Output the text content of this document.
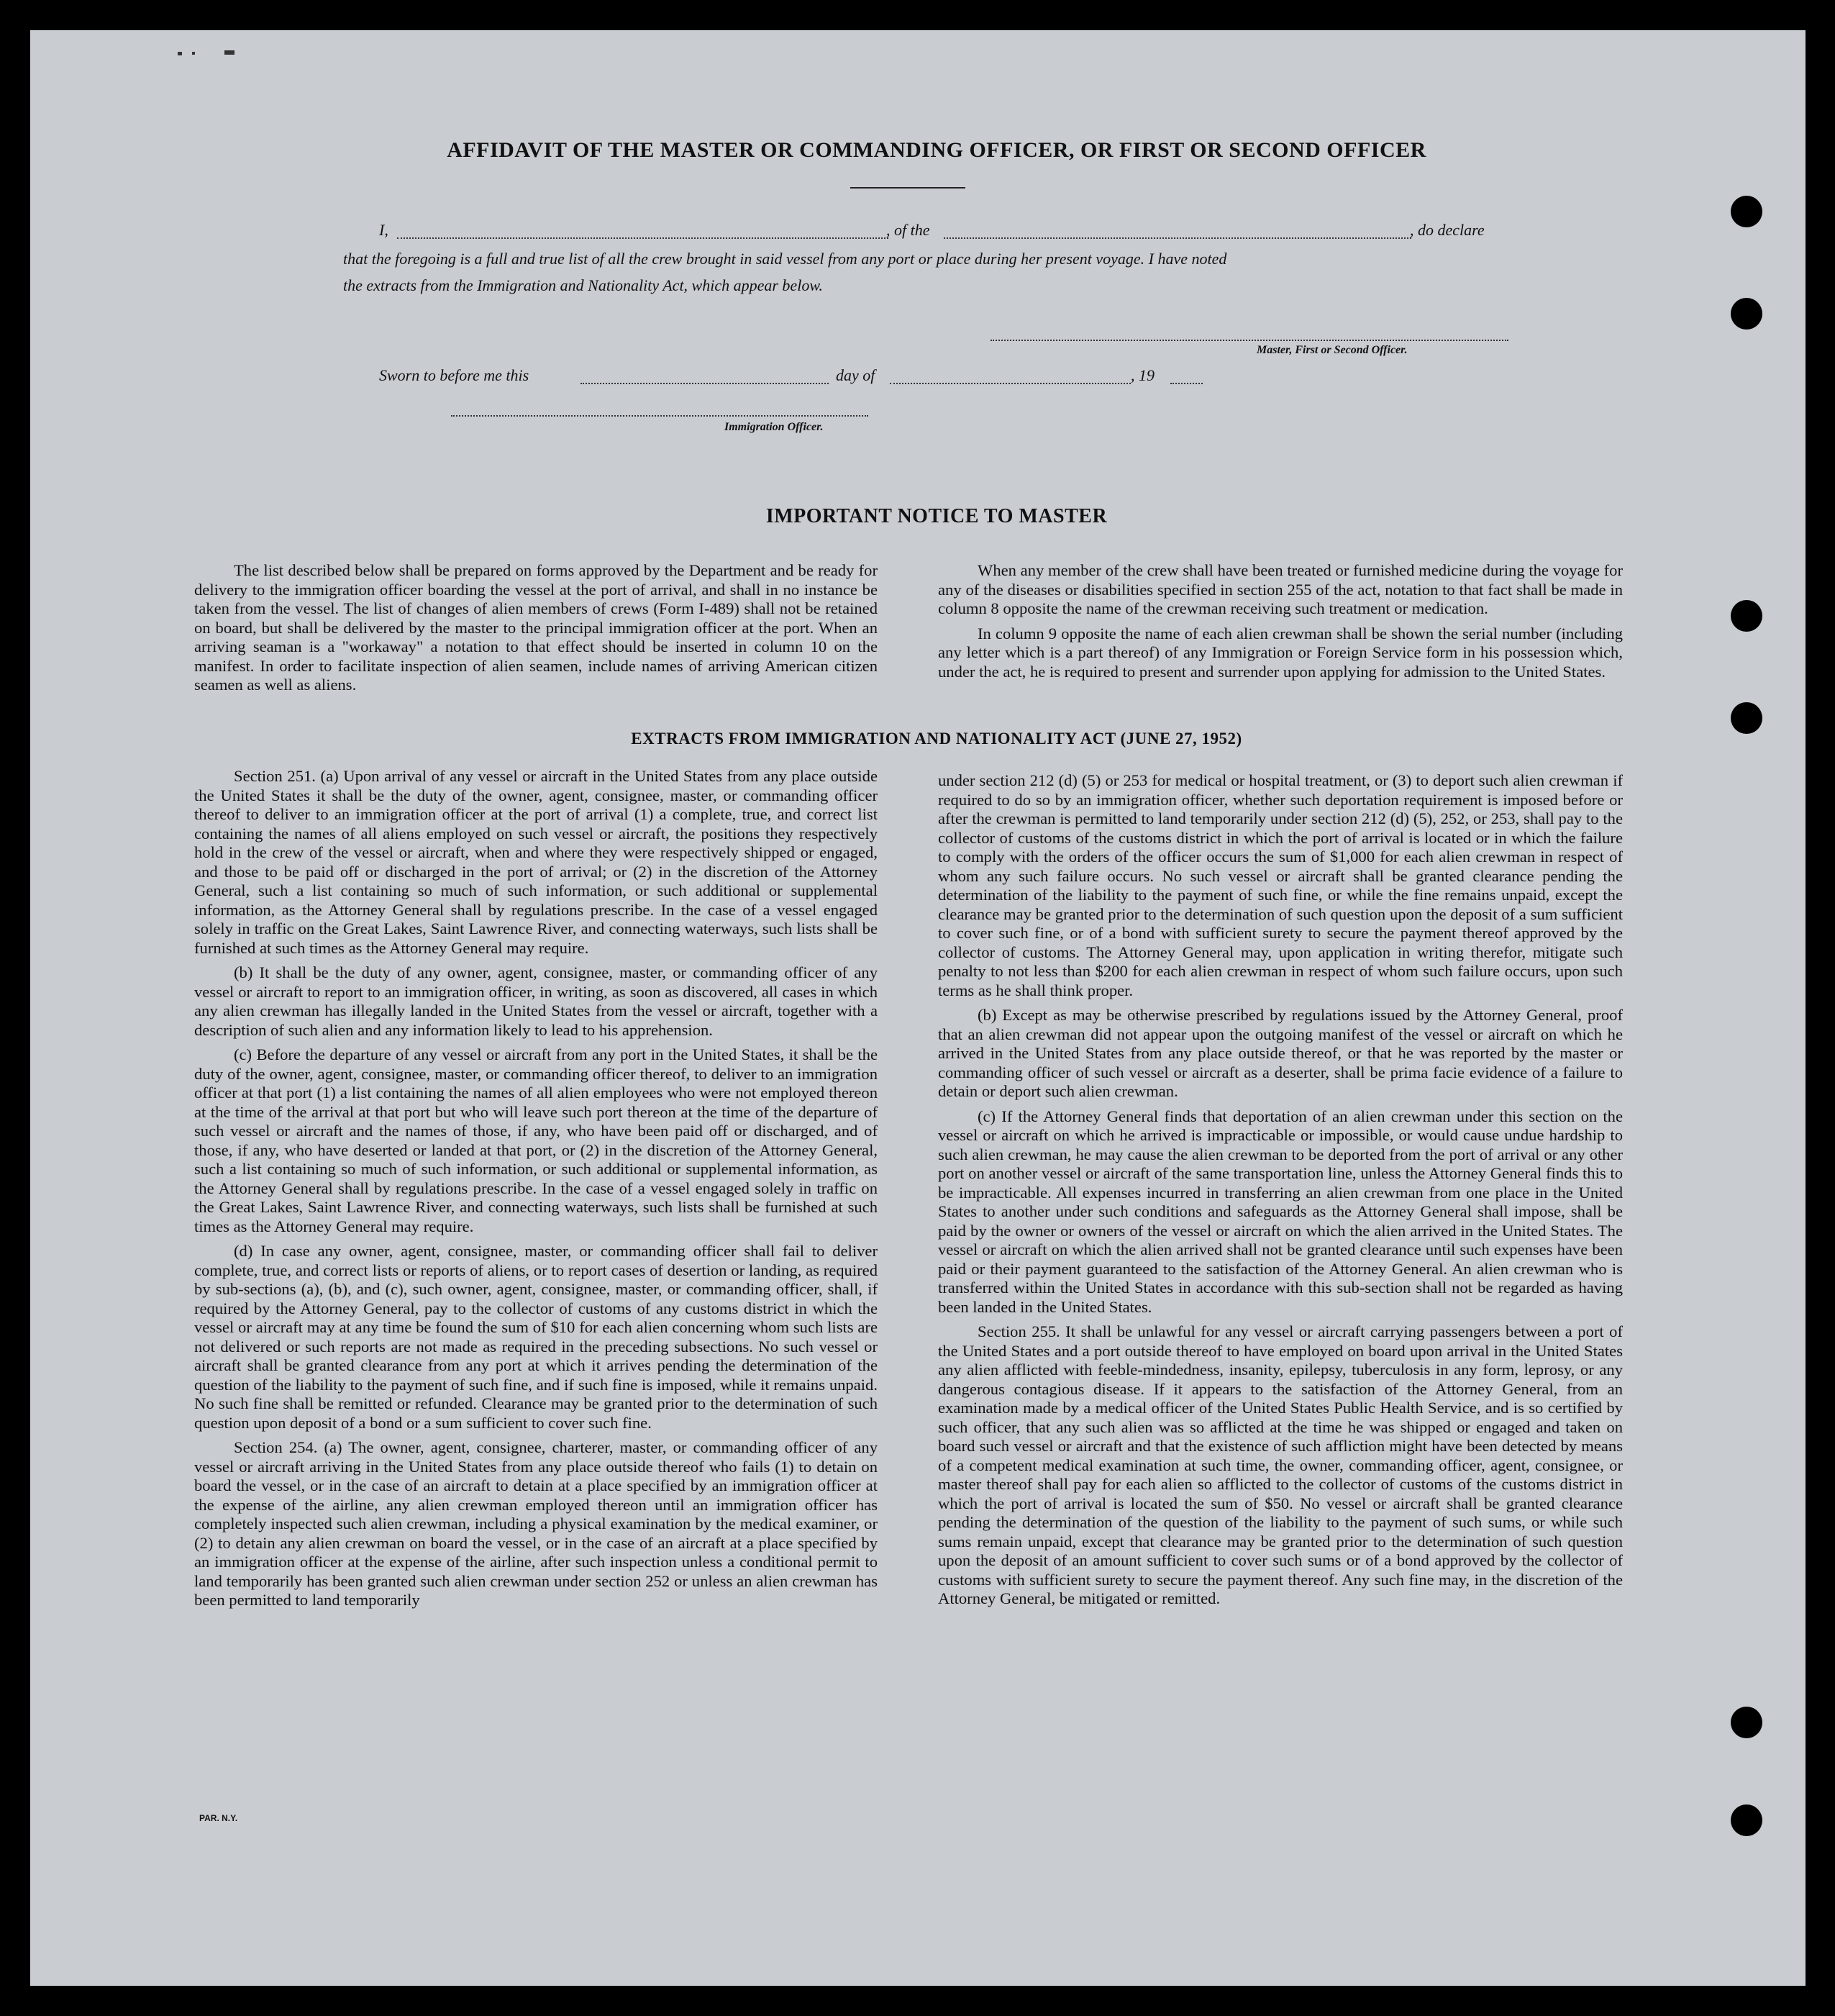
AFFIDAVIT OF THE MASTER OR COMMANDING OFFICER, OR FIRST OR SECOND OFFICER
I,	, of the	, do declare
that the foregoing is a full and true list of all the crew brought in said vessel from any port or place during her present voyage. I have noted
the extracts from the Immigration and Nationality Act, which appear below.
Master, First or Second Officer.
Sworn to before me this	day of	, 19
Immigration Officer.
IMPORTANT NOTICE TO MASTER

The list described below shall be prepared on forms approved by the Department and be ready for delivery to the immigration officer boarding the vessel at the port of arrival, and shall in no instance be taken from the vessel. The list of changes of alien members of crews (Form I-489) shall not be retained on board, but shall be delivered by the master to the principal immigration officer at the port. When an arriving seaman is a "workaway" a notation to that effect should be inserted in column 10 on the manifest. In order to facilitate inspection of alien seamen, include names of arriving American citizen seamen as well as aliens.

When any member of the crew shall have been treated or furnished medicine during the voyage for any of the diseases or disabilities specified in section 255 of the act, notation to that fact shall be made in column 8 opposite the name of the crewman receiving such treatment or medication.

In column 9 opposite the name of each alien crewman shall be shown the serial number (including any letter which is a part thereof) of any Immigration or Foreign Service form in his possession which, under the act, he is required to present and surrender upon applying for admission to the United States.

EXTRACTS FROM IMMIGRATION AND NATIONALITY ACT (JUNE 27, 1952)

Section 251. (a) Upon arrival of any vessel or aircraft in the United States from any place outside the United States it shall be the duty of the owner, agent, consignee, master, or commanding officer thereof to deliver to an immigration officer at the port of arrival (1) a complete, true, and correct list containing the names of all aliens employed on such vessel or aircraft, the positions they respectively hold in the crew of the vessel or aircraft, when and where they were respectively shipped or engaged, and those to be paid off or discharged in the port of arrival; or (2) in the discretion of the Attorney General, such a list containing so much of such information, or such additional or supplemental information, as the Attorney General shall by regulations prescribe. In the case of a vessel engaged solely in traffic on the Great Lakes, Saint Lawrence River, and connecting waterways, such lists shall be furnished at such times as the Attorney General may require.

(b) It shall be the duty of any owner, agent, consignee, master, or commanding officer of any vessel or aircraft to report to an immigration officer, in writing, as soon as discovered, all cases in which any alien crewman has illegally landed in the United States from the vessel or aircraft, together with a description of such alien and any information likely to lead to his apprehension.

(c) Before the departure of any vessel or aircraft from any port in the United States, it shall be the duty of the owner, agent, consignee, master, or commanding officer thereof, to deliver to an immigration officer at that port (1) a list containing the names of all alien employees who were not employed thereon at the time of the arrival at that port but who will leave such port thereon at the time of the departure of such vessel or aircraft and the names of those, if any, who have been paid off or discharged, and of those, if any, who have deserted or landed at that port, or (2) in the discretion of the Attorney General, such a list containing so much of such information, or such additional or supplemental information, as the Attorney General shall by regulations prescribe. In the case of a vessel engaged solely in traffic on the Great Lakes, Saint Lawrence River, and connecting waterways, such lists shall be furnished at such times as the Attorney General may require.

(d) In case any owner, agent, consignee, master, or commanding officer shall fail to deliver complete, true, and correct lists or reports of aliens, or to report cases of desertion or landing, as required by sub-sections (a), (b), and (c), such owner, agent, consignee, master, or commanding officer, shall, if required by the Attorney General, pay to the collector of customs of any customs district in which the vessel or aircraft may at any time be found the sum of $10 for each alien concerning whom such lists are not delivered or such reports are not made as required in the preceding subsections. No such vessel or aircraft shall be granted clearance from any port at which it arrives pending the determination of the question of the liability to the payment of such fine, and if such fine is imposed, while it remains unpaid. No such fine shall be remitted or refunded. Clearance may be granted prior to the determination of such question upon deposit of a bond or a sum sufficient to cover such fine.

Section 254. (a) The owner, agent, consignee, charterer, master, or commanding officer of any vessel or aircraft arriving in the United States from any place outside thereof who fails (1) to detain on board the vessel, or in the case of an aircraft to detain at a place specified by an immigration officer at the expense of the airline, any alien crewman employed thereon until an immigration officer has completely inspected such alien crewman, including a physical examination by the medical examiner, or (2) to detain any alien crewman on board the vessel, or in the case of an aircraft at a place specified by an immigration officer at the expense of the airline, after such inspection unless a conditional permit to land temporarily has been granted such alien crewman under section 252 or unless an alien crewman has been permitted to land temporarily

under section 212 (d) (5) or 253 for medical or hospital treatment, or (3) to deport such alien crewman if required to do so by an immigration officer, whether such deportation requirement is imposed before or after the crewman is permitted to land temporarily under section 212 (d) (5), 252, or 253, shall pay to the collector of customs of the customs district in which the port of arrival is located or in which the failure to comply with the orders of the officer occurs the sum of $1,000 for each alien crewman in respect of whom any such failure occurs. No such vessel or aircraft shall be granted clearance pending the determination of the liability to the payment of such fine, or while the fine remains unpaid, except the clearance may be granted prior to the determination of such question upon the deposit of a sum sufficient to cover such fine, or of a bond with sufficient surety to secure the payment thereof approved by the collector of customs. The Attorney General may, upon application in writing therefor, mitigate such penalty to not less than $200 for each alien crewman in respect of whom such failure occurs, upon such terms as he shall think proper.

(b) Except as may be otherwise prescribed by regulations issued by the Attorney General, proof that an alien crewman did not appear upon the outgoing manifest of the vessel or aircraft on which he arrived in the United States from any place outside thereof, or that he was reported by the master or commanding officer of such vessel or aircraft as a deserter, shall be prima facie evidence of a failure to detain or deport such alien crewman.

(c) If the Attorney General finds that deportation of an alien crewman under this section on the vessel or aircraft on which he arrived is impracticable or impossible, or would cause undue hardship to such alien crewman, he may cause the alien crewman to be deported from the port of arrival or any other port on another vessel or aircraft of the same transportation line, unless the Attorney General finds this to be impracticable. All expenses incurred in transferring an alien crewman from one place in the United States to another under such conditions and safeguards as the Attorney General shall impose, shall be paid by the owner or owners of the vessel or aircraft on which the alien arrived in the United States. The vessel or aircraft on which the alien arrived shall not be granted clearance until such expenses have been paid or their payment guaranteed to the satisfaction of the Attorney General. An alien crewman who is transferred within the United States in accordance with this sub-section shall not be regarded as having been landed in the United States.

Section 255. It shall be unlawful for any vessel or aircraft carrying passengers between a port of the United States and a port outside thereof to have employed on board upon arrival in the United States any alien afflicted with feeble-mindedness, insanity, epilepsy, tuberculosis in any form, leprosy, or any dangerous contagious disease. If it appears to the satisfaction of the Attorney General, from an examination made by a medical officer of the United States Public Health Service, and is so certified by such officer, that any such alien was so afflicted at the time he was shipped or engaged and taken on board such vessel or aircraft and that the existence of such affliction might have been detected by means of a competent medical examination at such time, the owner, commanding officer, agent, consignee, or master thereof shall pay for each alien so afflicted to the collector of customs of the customs district in which the port of arrival is located the sum of $50. No vessel or aircraft shall be granted clearance pending the determination of the question of the liability to the payment of such sums, or while such sums remain unpaid, except that clearance may be granted prior to the determination of such question upon the deposit of an amount sufficient to cover such sums or of a bond approved by the collector of customs with sufficient surety to secure the payment thereof. Any such fine may, in the discretion of the Attorney General, be mitigated or remitted.

PAR. N.Y.
